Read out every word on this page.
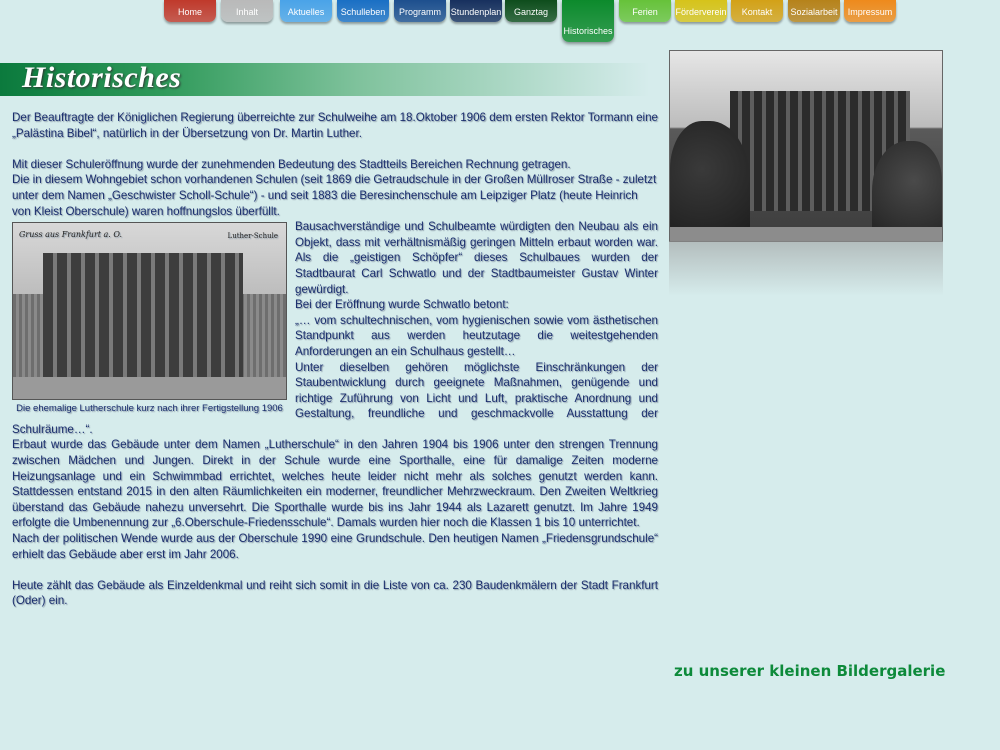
Home	Inhalt	Aktuelles	Schulleben	Programm	Stundenplan	Ganztag
Historisches
Ferien	Förderverein	Kontakt	Sozialarbeit	Impressum
Historisches

Der Beauftragte der Königlichen Regierung überreichte zur Schulweihe am 18.Oktober 1906 dem ersten Rektor Tormann eine „Palästina Bibel“, natürlich in der Übersetzung von Dr. Martin Luther.

Mit dieser Schuleröffnung wurde der zunehmenden Bedeutung des Stadtteils Bereichen Rechnung getragen.

Die in diesem Wohngebiet schon vorhandenen Schulen (seit 1869 die Getraudschule in der Großen Müllroser Straße - zuletzt unter dem Namen „Geschwister Scholl-Schule“) - und seit 1883 die Beresinchenschule am Leipziger Platz (heute Heinrich von Kleist Oberschule) waren hoffnungslos überfüllt.

Gruss aus Frankfurt a. O.	Luther-Schule
Die ehemalige Lutherschule kurz nach ihrer Fertigstellung 1906

Bausachverständige und Schulbeamte würdigten den Neubau als ein Objekt, dass mit verhältnismäßig geringen Mitteln erbaut worden war. Als die „geistigen Schöpfer“ dieses Schulbaues wurden der Stadtbaurat Carl Schwatlo und der Stadtbaumeister Gustav Winter gewürdigt.

Bei der Eröffnung wurde Schwatlo betont:

„… vom schultechnischen, vom hygienischen sowie vom ästhetischen Standpunkt aus werden heutzutage die weitestgehenden Anforderungen an ein Schulhaus gestellt…

Unter dieselben gehören möglichste Einschränkungen der Staubentwicklung durch geeignete Maßnahmen, genügende und richtige Zuführung von Licht und Luft, praktische Anordnung und Gestaltung, freundliche und geschmackvolle Ausstattung der Schulräume…“.

Erbaut wurde das Gebäude unter dem Namen „Lutherschule“ in den Jahren 1904 bis 1906 unter den strengen Trennung zwischen Mädchen und Jungen. Direkt in der Schule wurde eine Sporthalle, eine für damalige Zeiten moderne Heizungsanlage und ein Schwimmbad errichtet, welches heute leider nicht mehr als solches genutzt werden kann. Stattdessen entstand 2015 in den alten Räumlichkeiten ein moderner, freundlicher Mehrzweckraum. Den Zweiten Weltkrieg überstand das Gebäude nahezu unversehrt. Die Sporthalle wurde bis ins Jahr 1944 als Lazarett genutzt. Im Jahre 1949 erfolgte die Umbenennung zur „6.Oberschule-Friedensschule“. Damals wurden hier noch die Klassen 1 bis 10 unterrichtet.

Nach der politischen Wende wurde aus der Oberschule 1990 eine Grundschule. Den heutigen Namen „Friedensgrundschule“ erhielt das Gebäude aber erst im Jahr 2006.

Heute zählt das Gebäude als Einzeldenkmal und reiht sich somit in die Liste von ca. 230 Baudenkmälern der Stadt Frankfurt (Oder) ein.

zu unserer kleinen Bildergalerie
